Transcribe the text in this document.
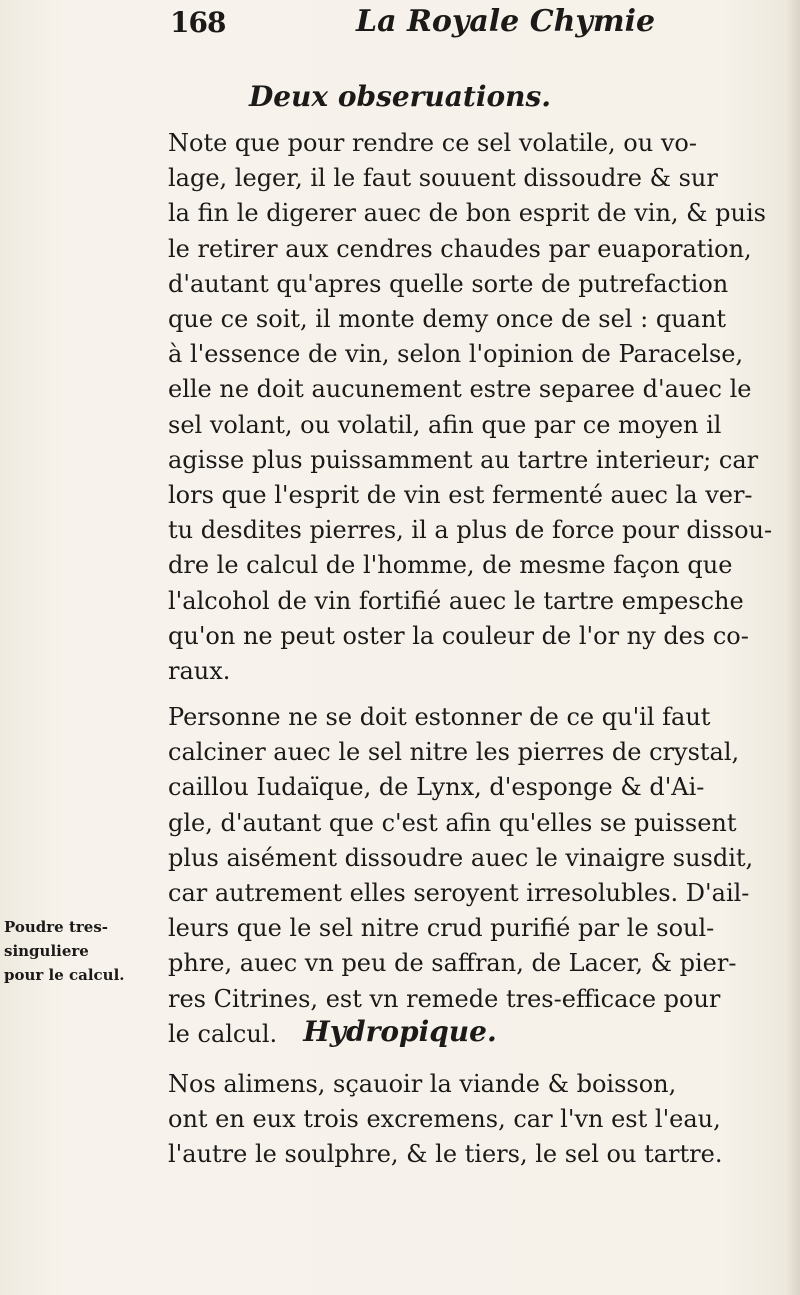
168	La Royale Chymie
Deux obseruations.
Note que pour rendre ce sel volatile, ou vo-
lage, leger, il le faut souuent dissoudre & sur
la fin le digerer auec de bon esprit de vin, & puis
le retirer aux cendres chaudes par euaporation,
d'autant qu'apres quelle sorte de putrefaction
que ce soit, il monte demy once de sel : quant
à l'essence de vin, selon l'opinion de Paracelse,
elle ne doit aucunement estre separee d'auec le
sel volant, ou volatil, afin que par ce moyen il
agisse plus puissamment au tartre interieur; car
lors que l'esprit de vin est fermenté auec la ver-
tu desdites pierres, il a plus de force pour dissou-
dre le calcul de l'homme, de mesme façon que
l'alcohol de vin fortifié auec le tartre empesche
qu'on ne peut oster la couleur de l'or ny des co-
raux.
Personne ne se doit estonner de ce qu'il faut
calciner auec le sel nitre les pierres de crystal,
caillou Iudaïque, de Lynx, d'esponge & d'Ai-
gle, d'autant que c'est afin qu'elles se puissent
plus aisément dissoudre auec le vinaigre susdit,
car autrement elles seroyent irresolubles. D'ail-
leurs que le sel nitre crud purifié par le soul-
phre, auec vn peu de saffran, de Lacer, & pier-
res Citrines, est vn remede tres-efficace pour
le calcul.
Poudre tres-
singuliere
pour le calcul.
Hydropique.
Nos alimens, sçauoir la viande & boisson,
ont en eux trois excremens, car l'vn est l'eau,
l'autre le soulphre, & le tiers, le sel ou tartre.
